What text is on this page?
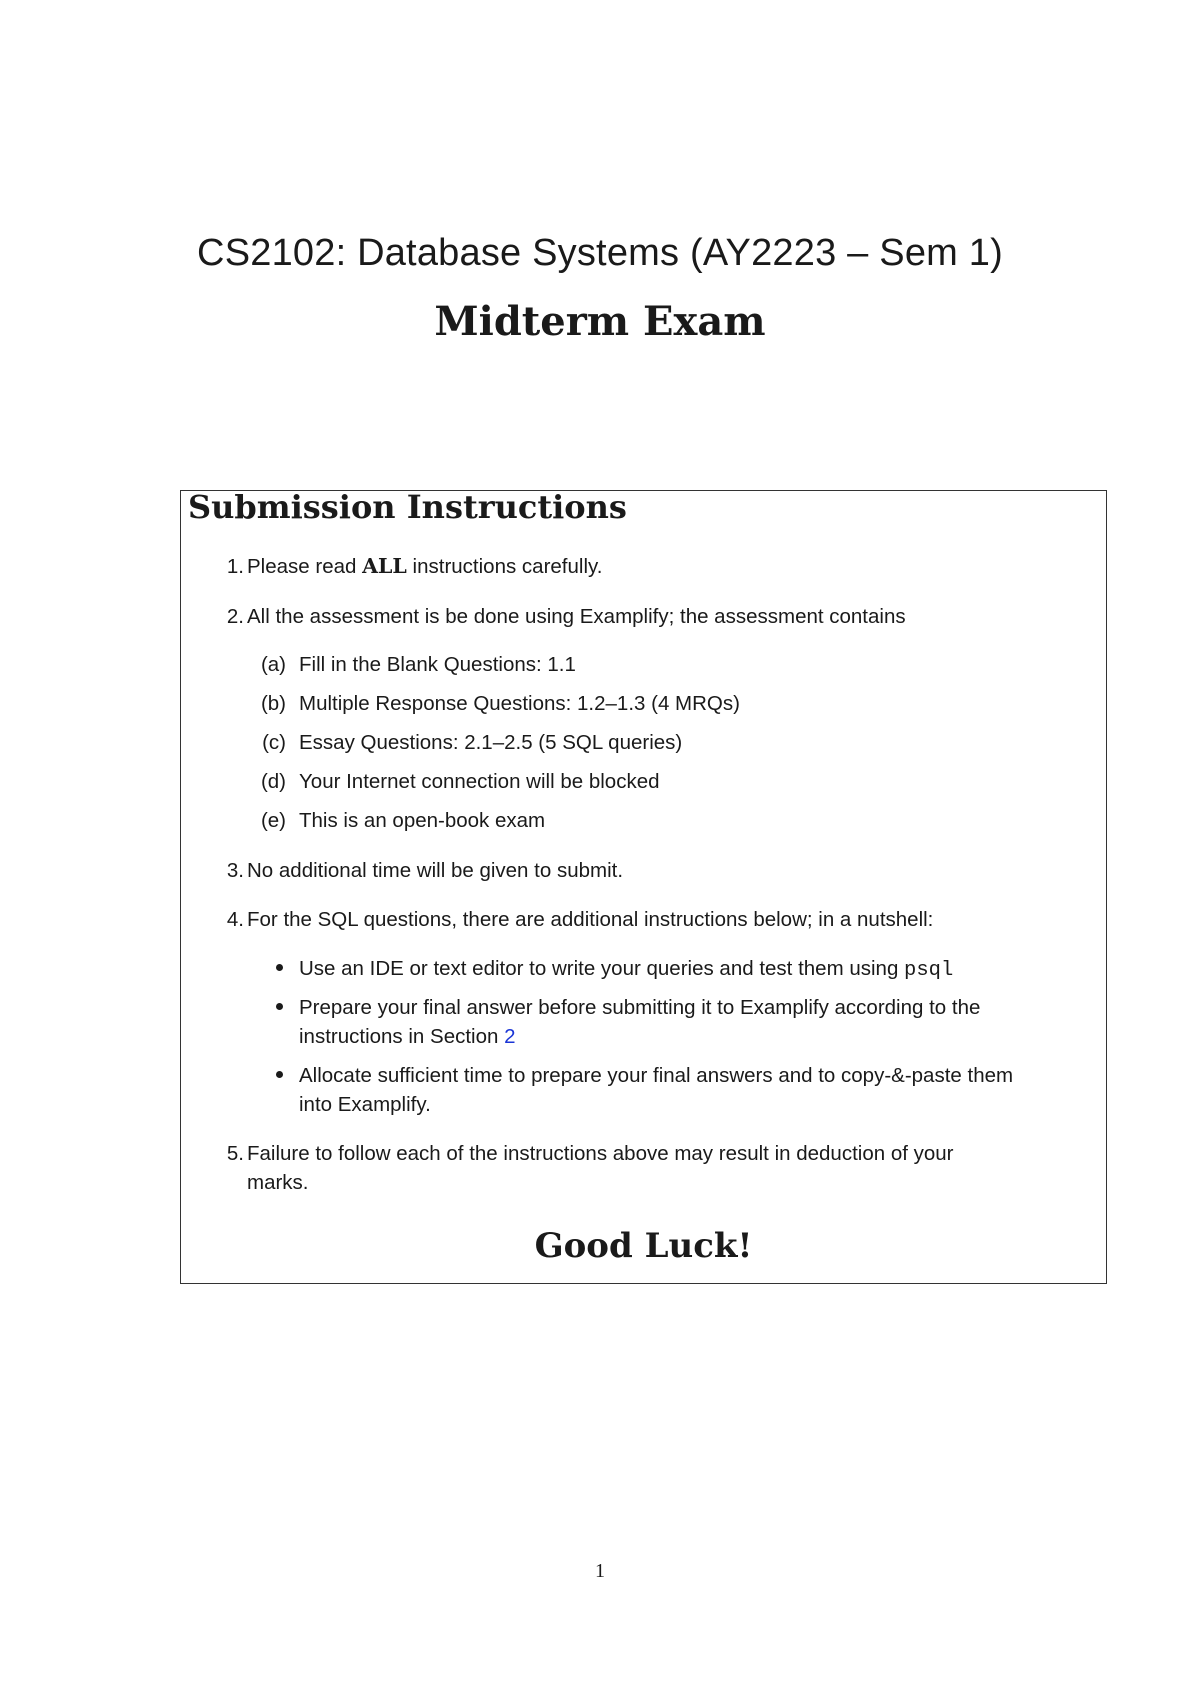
CS2102: Database Systems (AY2223 – Sem 1)
Midterm Exam
Submission Instructions
1. Please read ALL instructions carefully.
2. All the assessment is be done using Examplify; the assessment contains
(a) Fill in the Blank Questions: 1.1
(b) Multiple Response Questions: 1.2–1.3 (4 MRQs)
(c) Essay Questions: 2.1–2.5 (5 SQL queries)
(d) Your Internet connection will be blocked
(e) This is an open-book exam
3. No additional time will be given to submit.
4. For the SQL questions, there are additional instructions below; in a nutshell:
Use an IDE or text editor to write your queries and test them using psql
Prepare your final answer before submitting it to Examplify according to the
instructions in Section 2
Allocate sufficient time to prepare your final answers and to copy-&-paste them
into Examplify.
5. Failure to follow each of the instructions above may result in deduction of your
marks.
Good Luck!
1
